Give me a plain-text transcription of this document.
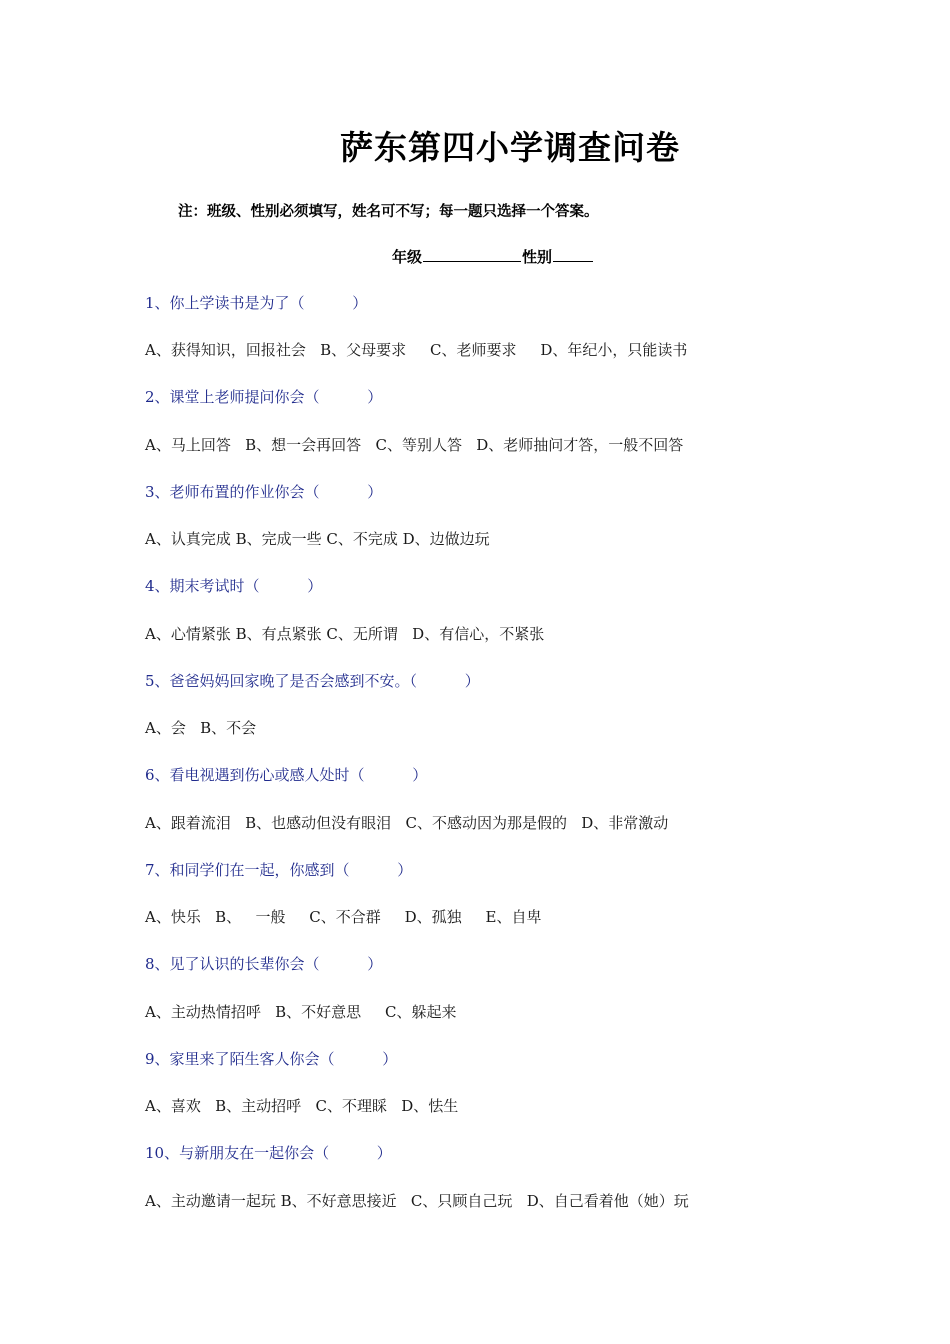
萨东第四小学调查问卷
注：班级、性别必须填写，姓名可不写；每一题只选择一个答案。
年级	性别
1、你上学读书是为了（          ）
A、获得知识，回报社会   B、父母要求     C、老师要求     D、年纪小，只能读书
2、课堂上老师提问你会（          ）
A、马上回答   B、想一会再回答   C、等别人答   D、老师抽问才答，一般不回答
3、老师布置的作业你会（          ）
A、认真完成 B、完成一些 C、不完成 D、边做边玩
4、期末考试时（          ）
A、心情紧张 B、有点紧张 C、无所谓   D、有信心，不紧张
5、爸爸妈妈回家晚了是否会感到不安。（          ）
A、会   B、不会
6、看电视遇到伤心或感人处时（          ）
A、跟着流泪   B、也感动但没有眼泪   C、不感动因为那是假的   D、非常激动
7、和同学们在一起，你感到（          ）
A、快乐   B、   一般     C、不合群     D、孤独     E、自卑
8、见了认识的长辈你会（          ）
A、主动热情招呼   B、不好意思     C、躲起来
9、家里来了陌生客人你会（          ）
A、喜欢   B、主动招呼   C、不理睬   D、怯生
10、与新朋友在一起你会（          ）
A、主动邀请一起玩 B、不好意思接近   C、只顾自己玩   D、自己看着他（她）玩
